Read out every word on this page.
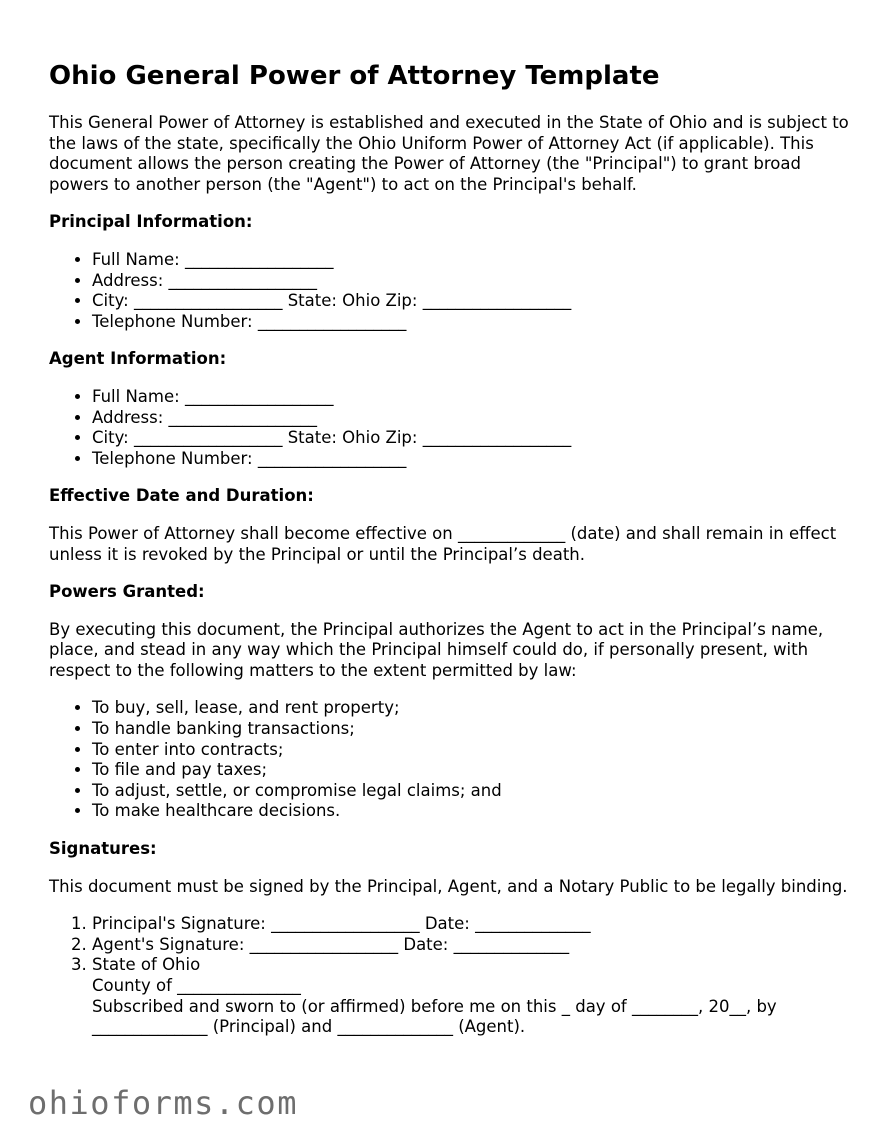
Ohio General Power of Attorney Template

This General Power of Attorney is established and executed in the State of Ohio and is subject to the laws of the state, specifically the Ohio Uniform Power of Attorney Act (if applicable). This document allows the person creating the Power of Attorney (the "Principal") to grant broad powers to another person (the "Agent") to act on the Principal's behalf.

Principal Information:
• Full Name: __________________
• Address: __________________
• City: __________________ State: Ohio Zip: __________________
• Telephone Number: __________________
Agent Information:
• Full Name: __________________
• Address: __________________
• City: __________________ State: Ohio Zip: __________________
• Telephone Number: __________________
Effective Date and Duration:

This Power of Attorney shall become effective on _____________ (date) and shall remain in effect unless it is revoked by the Principal or until the Principal’s death.

Powers Granted:

By executing this document, the Principal authorizes the Agent to act in the Principal’s name, place, and stead in any way which the Principal himself could do, if personally present, with respect to the following matters to the extent permitted by law:

• To buy, sell, lease, and rent property;
• To handle banking transactions;
• To enter into contracts;
• To file and pay taxes;
• To adjust, settle, or compromise legal claims; and
• To make healthcare decisions.
Signatures:

This document must be signed by the Principal, Agent, and a Notary Public to be legally binding.

1. Principal's Signature: __________________ Date: ______________
2. Agent's Signature: __________________ Date: ______________
3. State of Ohio
County of _______________
Subscribed and sworn to (or affirmed) before me on this _ day of ________, 20__, by ______________ (Principal) and ______________ (Agent).
ohioforms.com
